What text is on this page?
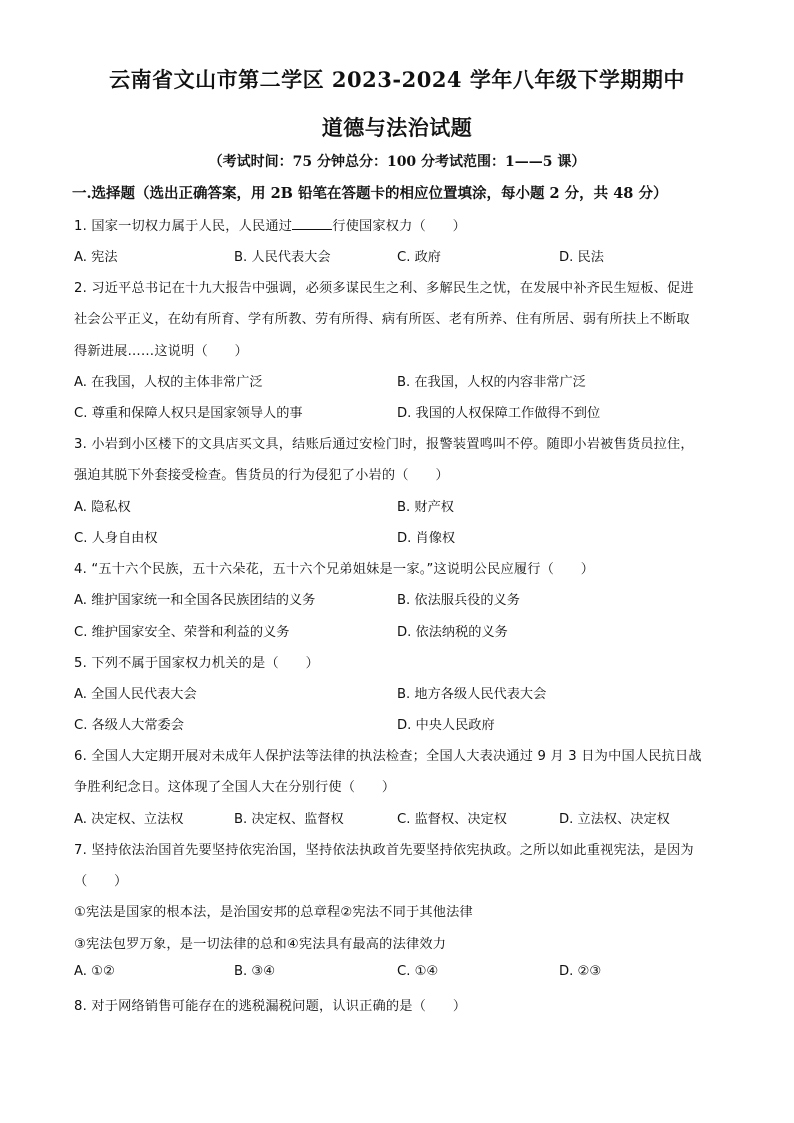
云南省文山市第二学区 2023-2024 学年八年级下学期期中
道德与法治试题
（考试时间：75 分钟总分：100 分考试范围：1——5 课）
一.选择题（选出正确答案，用 2B 铅笔在答题卡的相应位置填涂，每小题 2 分，共 48 分）
1. 国家一切权力属于人民，人民通过	行使国家权力（　　）
A. 宪法	B. 人民代表大会	C. 政府	D. 民法
2. 习近平总书记在十九大报告中强调，必须多谋民生之利、多解民生之忧，在发展中补齐民生短板、促进
社会公平正义，在幼有所育、学有所教、劳有所得、病有所医、老有所养、住有所居、弱有所扶上不断取
得新进展……这说明（　　）
A. 在我国，人权的主体非常广泛	B. 在我国，人权的内容非常广泛
C. 尊重和保障人权只是国家领导人的事	D. 我国的人权保障工作做得不到位
3. 小岩到小区楼下的文具店买文具，结账后通过安检门时，报警装置鸣叫不停。随即小岩被售货员拉住，
强迫其脱下外套接受检查。售货员的行为侵犯了小岩的（　　）
A. 隐私权	B. 财产权
C. 人身自由权	D. 肖像权
4. “五十六个民族，五十六朵花，五十六个兄弟姐妹是一家。”这说明公民应履行（　　）
A. 维护国家统一和全国各民族团结的义务	B. 依法服兵役的义务
C. 维护国家安全、荣誉和利益的义务	D. 依法纳税的义务
5. 下列不属于国家权力机关的是（　　）
A. 全国人民代表大会	B. 地方各级人民代表大会
C. 各级人大常委会	D. 中央人民政府
6. 全国人大定期开展对未成年人保护法等法律的执法检查；全国人大表决通过 9 月 3 日为中国人民抗日战
争胜利纪念日。这体现了全国人大在分别行使（　　）
A. 决定权、立法权	B. 决定权、监督权	C. 监督权、决定权	D. 立法权、决定权
7. 坚持依法治国首先要坚持依宪治国，坚持依法执政首先要坚持依宪执政。之所以如此重视宪法，是因为
（　　）
①宪法是国家的根本法，是治国安邦的总章程②宪法不同于其他法律
③宪法包罗万象，是一切法律的总和④宪法具有最高的法律效力
A. ①②	B. ③④	C. ①④	D. ②③
8. 对于网络销售可能存在的逃税漏税问题，认识正确的是（　　）
